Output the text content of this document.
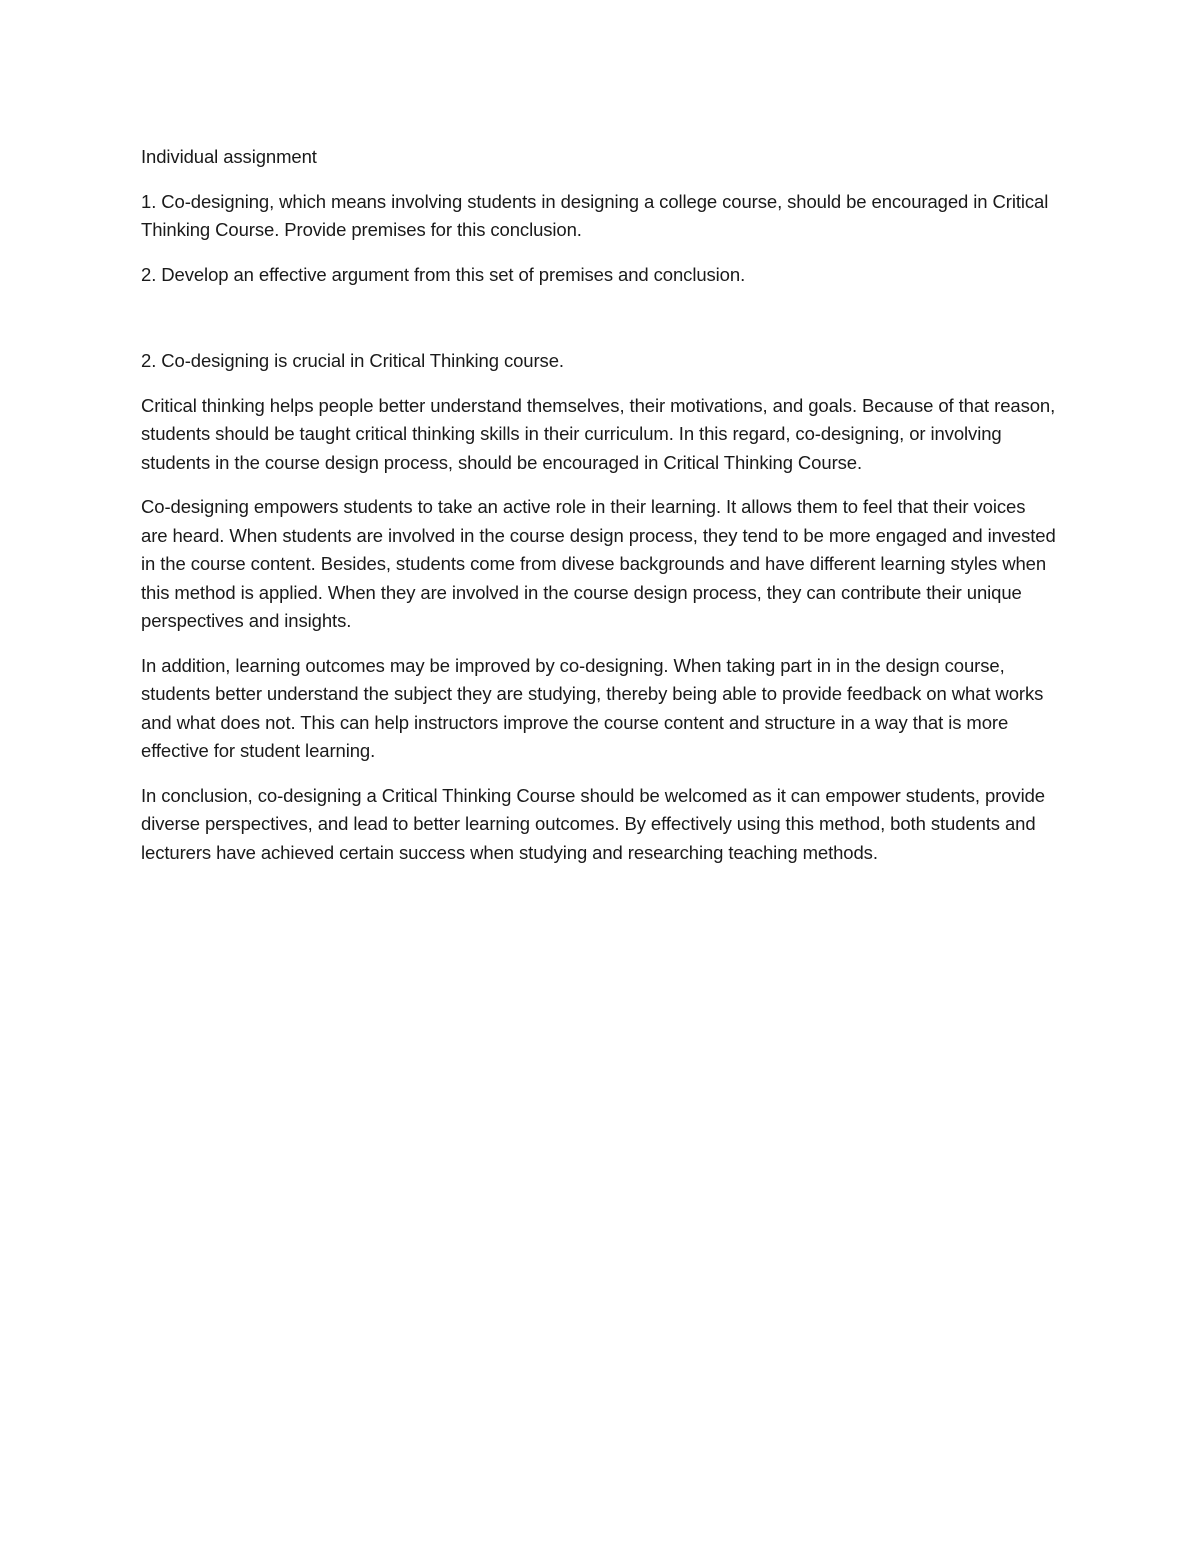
Individual assignment

1. Co-designing, which means involving students in designing a college course, should be encouraged in Critical Thinking Course. Provide premises for this conclusion.

2. Develop an effective argument from this set of premises and conclusion.

2. Co-designing is crucial in Critical Thinking course.

Critical thinking helps people better understand themselves, their motivations, and goals. Because of that reason, students should be taught critical thinking skills in their curriculum. In this regard, co-designing, or involving students in the course design process, should be encouraged in Critical Thinking Course.

Co-designing empowers students to take an active role in their learning. It allows them to feel that their voices are heard. When students are involved in the course design process, they tend to be more engaged and invested in the course content. Besides, students come from divese backgrounds and have different learning styles when this method is applied. When they are involved in the course design process, they can contribute their unique perspectives and insights.

In addition, learning outcomes may be improved by co-designing. When taking part in in the design course, students better understand the subject they are studying, thereby being able to provide feedback on what works and what does not. This can help instructors improve the course content and structure in a way that is more effective for student learning.

In conclusion, co-designing a Critical Thinking Course should be welcomed as it can empower students, provide diverse perspectives, and lead to better learning outcomes. By effectively using this method, both students and lecturers have achieved certain success when studying and researching teaching methods.
